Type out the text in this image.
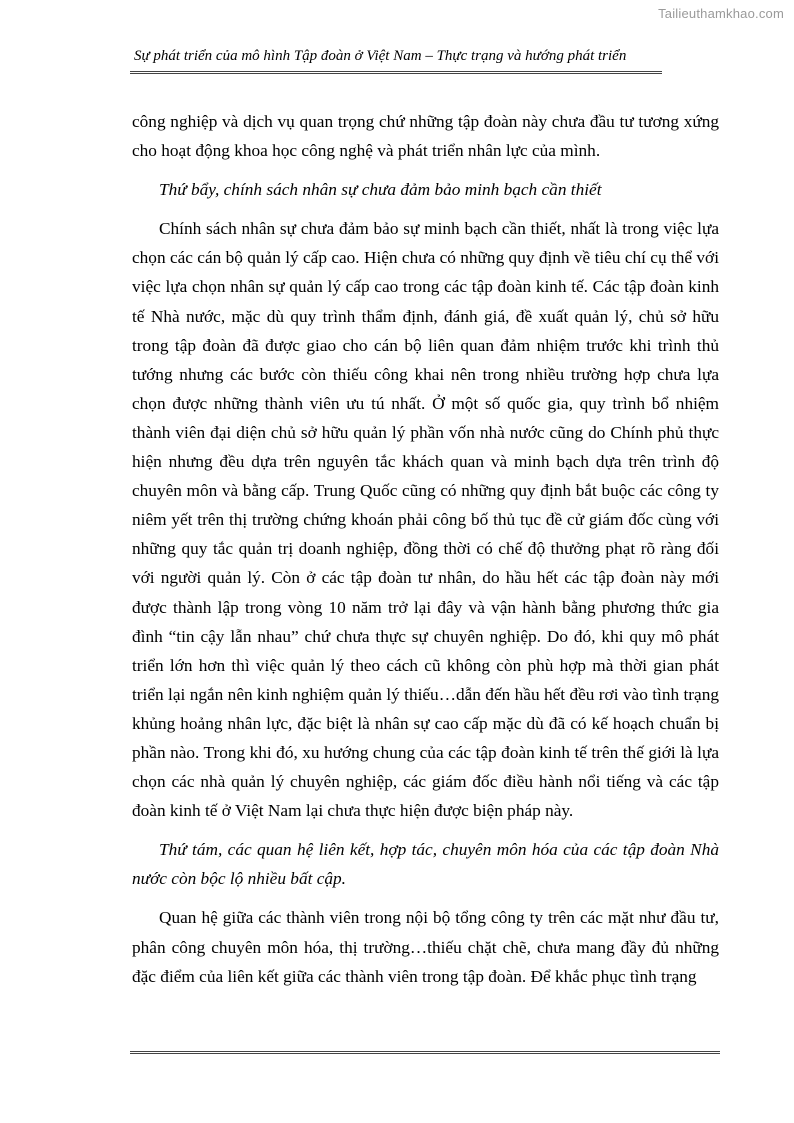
Tailieuthamkhao.com
Sự phát triển của mô hình Tập đoàn ở Việt Nam – Thực trạng và hướng phát triển

công nghiệp và dịch vụ quan trọng chứ những tập đoàn này chưa đầu tư tương xứng cho hoạt động khoa học công nghệ và phát triển nhân lực của mình.

Thứ bẩy, chính sách nhân sự chưa đảm bảo minh bạch cần thiết

Chính sách nhân sự chưa đảm bảo sự minh bạch cần thiết, nhất là trong việc lựa chọn các cán bộ quản lý cấp cao. Hiện chưa có những quy định về tiêu chí cụ thể với việc lựa chọn nhân sự quản lý cấp cao trong các tập đoàn kinh tế. Các tập đoàn kinh tế Nhà nước, mặc dù quy trình thẩm định, đánh giá, đề xuất quản lý, chủ sở hữu trong tập đoàn đã được giao cho cán bộ liên quan đảm nhiệm trước khi trình thủ tướng nhưng các bước còn thiếu công khai nên trong nhiều trường hợp chưa lựa chọn được những thành viên ưu tú nhất. Ở một số quốc gia, quy trình bổ nhiệm thành viên đại diện chủ sở hữu quản lý phần vốn nhà nước cũng do Chính phủ thực hiện nhưng đều dựa trên nguyên tắc khách quan và minh bạch dựa trên trình độ chuyên môn và bằng cấp. Trung Quốc cũng có những quy định bắt buộc các công ty niêm yết trên thị trường chứng khoán phải công bố thủ tục đề cử giám đốc cùng với những quy tắc quản trị doanh nghiệp, đồng thời có chế độ thưởng phạt rõ ràng đối với người quản lý. Còn ở các tập đoàn tư nhân, do hầu hết các tập đoàn này mới được thành lập trong vòng 10 năm trở lại đây và vận hành bằng phương thức gia đình “tin cậy lẫn nhau” chứ chưa thực sự chuyên nghiệp. Do đó, khi quy mô phát triển lớn hơn thì việc quản lý theo cách cũ không còn phù hợp mà thời gian phát triển lại ngắn nên kinh nghiệm quản lý thiếu…dẫn đến hầu hết đều rơi vào tình trạng khủng hoảng nhân lực, đặc biệt là nhân sự cao cấp mặc dù đã có kế hoạch chuẩn bị phần nào. Trong khi đó, xu hướng chung của các tập đoàn kinh tế trên thế giới là lựa chọn các nhà quản lý chuyên nghiệp, các giám đốc điều hành nổi tiếng và các tập đoàn kinh tế ở Việt Nam lại chưa thực hiện được biện pháp này.

Thứ tám, các quan hệ liên kết, hợp tác, chuyên môn hóa của các tập đoàn Nhà nước còn bộc lộ nhiều bất cập.

Quan hệ giữa các thành viên trong nội bộ tổng công ty trên các mặt như đầu tư, phân công chuyên môn hóa, thị trường…thiếu chặt chẽ, chưa mang đầy đủ những đặc điểm của liên kết giữa các thành viên trong tập đoàn. Để khắc phục tình trạng
